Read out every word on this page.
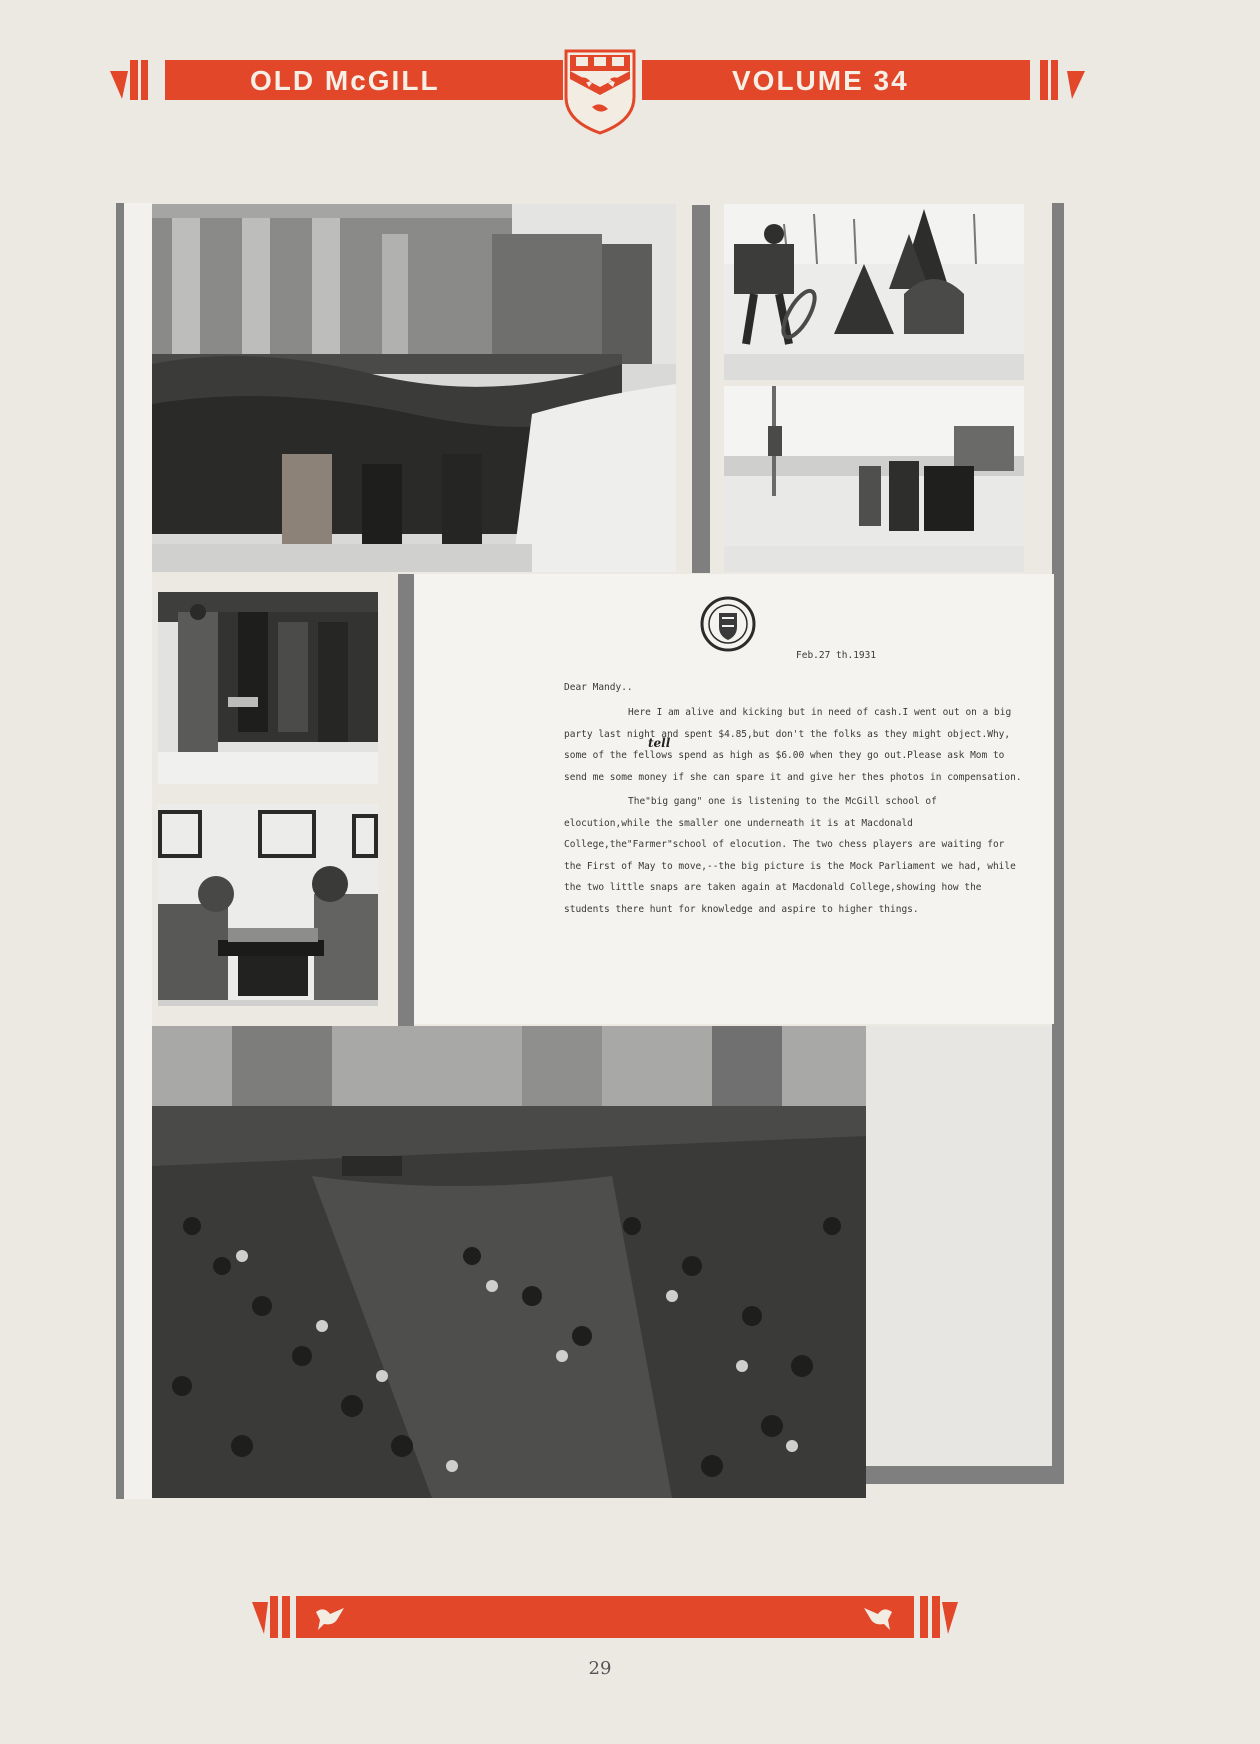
OLD McGILL	VOLUME 34
Feb.27 th.1931
Dear Mandy..
tell

Here I am alive and kicking but in need of cash.I went out on a big party last night and spent $4.85,but don't the folks as they might object.Why, some of the fellows spend as high as $6.00 when they go out.Please ask Mom to send me some money if she can spare it and give her thes photos in compensation.

The"big gang" one is listening to the McGill school of elocution,while the smaller one underneath it is at Macdonald College,the"Farmer"school of elocution. The two chess players are waiting for the First of May to move,--the big picture is the Mock Parliament we had, while the two little snaps are taken again at Macdonald College,showing how the students there hunt for knowledge and aspire to higher things.

29
